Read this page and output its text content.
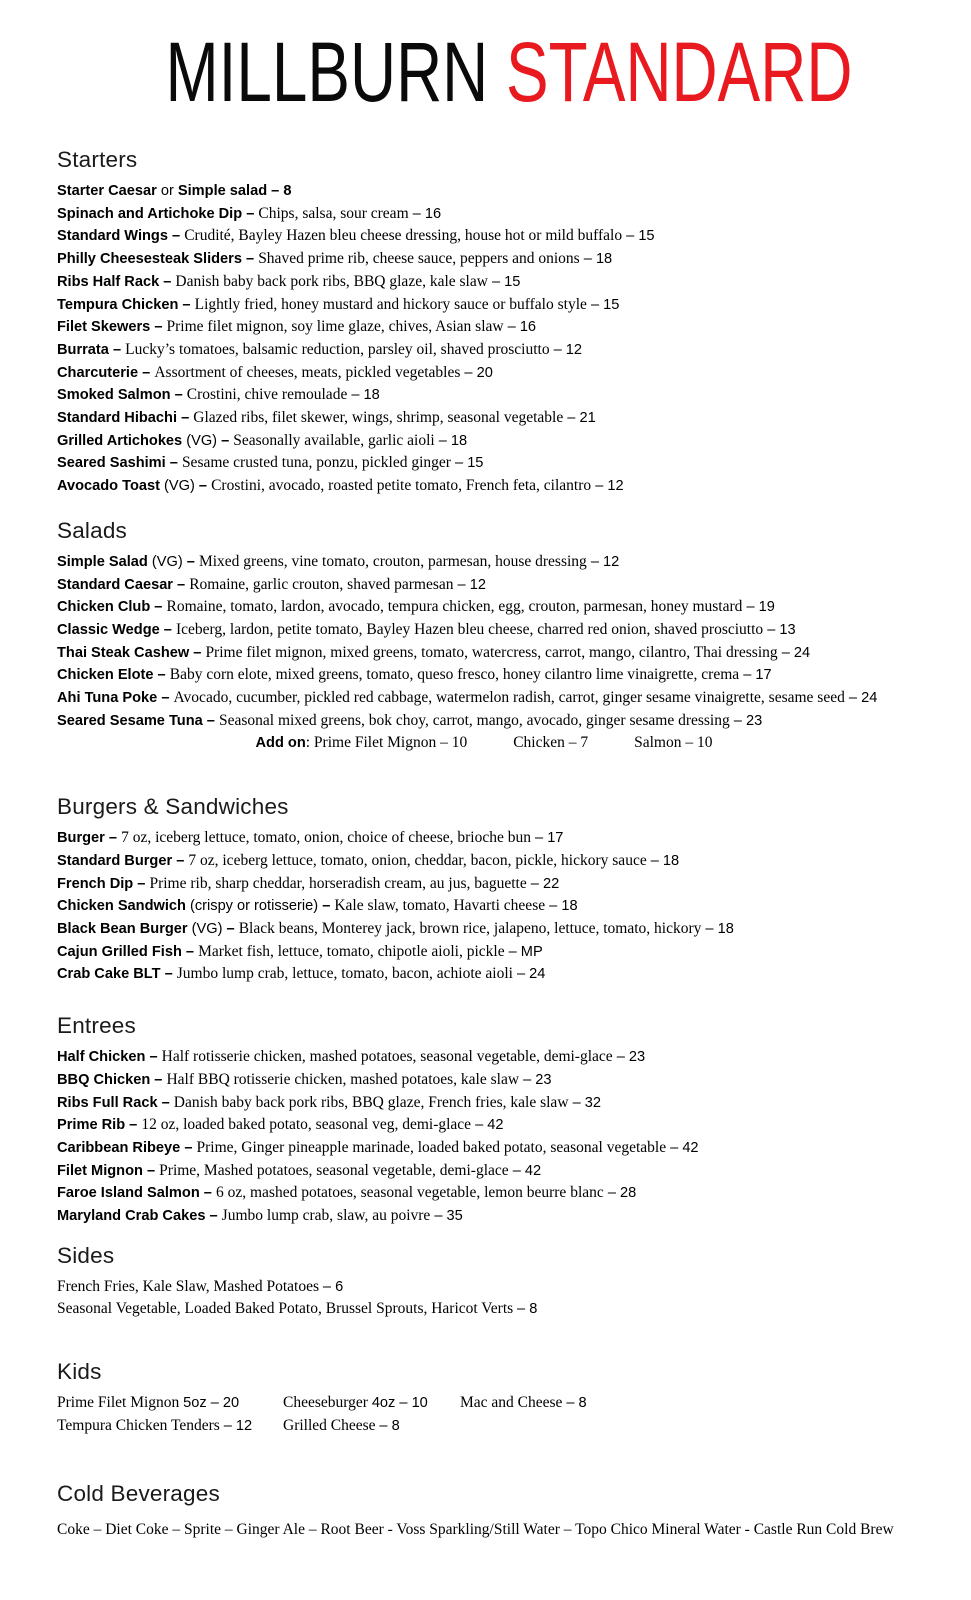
MILLBURN STANDARD
Starters

Starter Caesar or Simple salad – 8

Spinach and Artichoke Dip – Chips, salsa, sour cream – 16

Standard Wings – Crudité, Bayley Hazen bleu cheese dressing, house hot or mild buffalo – 15

Philly Cheesesteak Sliders – Shaved prime rib, cheese sauce, peppers and onions – 18

Ribs Half Rack – Danish baby back pork ribs, BBQ glaze, kale slaw – 15

Tempura Chicken – Lightly fried, honey mustard and hickory sauce or buffalo style – 15

Filet Skewers – Prime filet mignon, soy lime glaze, chives, Asian slaw – 16

Burrata – Lucky’s tomatoes, balsamic reduction, parsley oil, shaved prosciutto – 12

Charcuterie – Assortment of cheeses, meats, pickled vegetables – 20

Smoked Salmon – Crostini, chive remoulade – 18

Standard Hibachi – Glazed ribs, filet skewer, wings, shrimp, seasonal vegetable – 21

Grilled Artichokes (VG) – Seasonally available, garlic aioli – 18

Seared Sashimi – Sesame crusted tuna, ponzu, pickled ginger – 15

Avocado Toast (VG) – Crostini, avocado, roasted petite tomato, French feta, cilantro – 12

Salads

Simple Salad (VG) – Mixed greens, vine tomato, crouton, parmesan, house dressing – 12

Standard Caesar – Romaine, garlic crouton, shaved parmesan – 12

Chicken Club – Romaine, tomato, lardon, avocado, tempura chicken, egg, crouton, parmesan, honey mustard – 19

Classic Wedge – Iceberg, lardon, petite tomato, Bayley Hazen bleu cheese, charred red onion, shaved prosciutto – 13

Thai Steak Cashew – Prime filet mignon, mixed greens, tomato, watercress, carrot, mango, cilantro, Thai dressing – 24

Chicken Elote – Baby corn elote, mixed greens, tomato, queso fresco, honey cilantro lime vinaigrette, crema – 17

Ahi Tuna Poke – Avocado, cucumber, pickled red cabbage, watermelon radish, carrot, ginger sesame vinaigrette, sesame seed – 24

Seared Sesame Tuna – Seasonal mixed greens, bok choy, carrot, mango, avocado, ginger sesame dressing – 23

Add on: Prime Filet Mignon – 10	Chicken – 7	Salmon – 10

Burgers & Sandwiches

Burger – 7 oz, iceberg lettuce, tomato, onion, choice of cheese, brioche bun – 17

Standard Burger – 7 oz, iceberg lettuce, tomato, onion, cheddar, bacon, pickle, hickory sauce – 18

French Dip – Prime rib, sharp cheddar, horseradish cream, au jus, baguette – 22

Chicken Sandwich (crispy or rotisserie) – Kale slaw, tomato, Havarti cheese – 18

Black Bean Burger (VG) – Black beans, Monterey jack, brown rice, jalapeno, lettuce, tomato, hickory – 18

Cajun Grilled Fish – Market fish, lettuce, tomato, chipotle aioli, pickle – MP

Crab Cake BLT – Jumbo lump crab, lettuce, tomato, bacon, achiote aioli – 24

Entrees

Half Chicken – Half rotisserie chicken, mashed potatoes, seasonal vegetable, demi-glace – 23

BBQ Chicken – Half BBQ rotisserie chicken, mashed potatoes, kale slaw – 23

Ribs Full Rack – Danish baby back pork ribs, BBQ glaze, French fries, kale slaw – 32

Prime Rib – 12 oz, loaded baked potato, seasonal veg, demi-glace – 42

Caribbean Ribeye – Prime, Ginger pineapple marinade, loaded baked potato, seasonal vegetable – 42

Filet Mignon – Prime, Mashed potatoes, seasonal vegetable, demi-glace – 42

Faroe Island Salmon – 6 oz, mashed potatoes, seasonal vegetable, lemon beurre blanc – 28

Maryland Crab Cakes – Jumbo lump crab, slaw, au poivre – 35

Sides

French Fries, Kale Slaw, Mashed Potatoes – 6

Seasonal Vegetable, Loaded Baked Potato, Brussel Sprouts, Haricot Verts – 8

Kids

Prime Filet Mignon 5oz – 20	Cheeseburger 4oz – 10 Mac and Cheese – 8

Tempura Chicken Tenders – 12 Grilled Cheese – 8

Cold Beverages

Coke – Diet Coke – Sprite – Ginger Ale – Root Beer - Voss Sparkling/Still Water – Topo Chico Mineral Water - Castle Run Cold Brew
